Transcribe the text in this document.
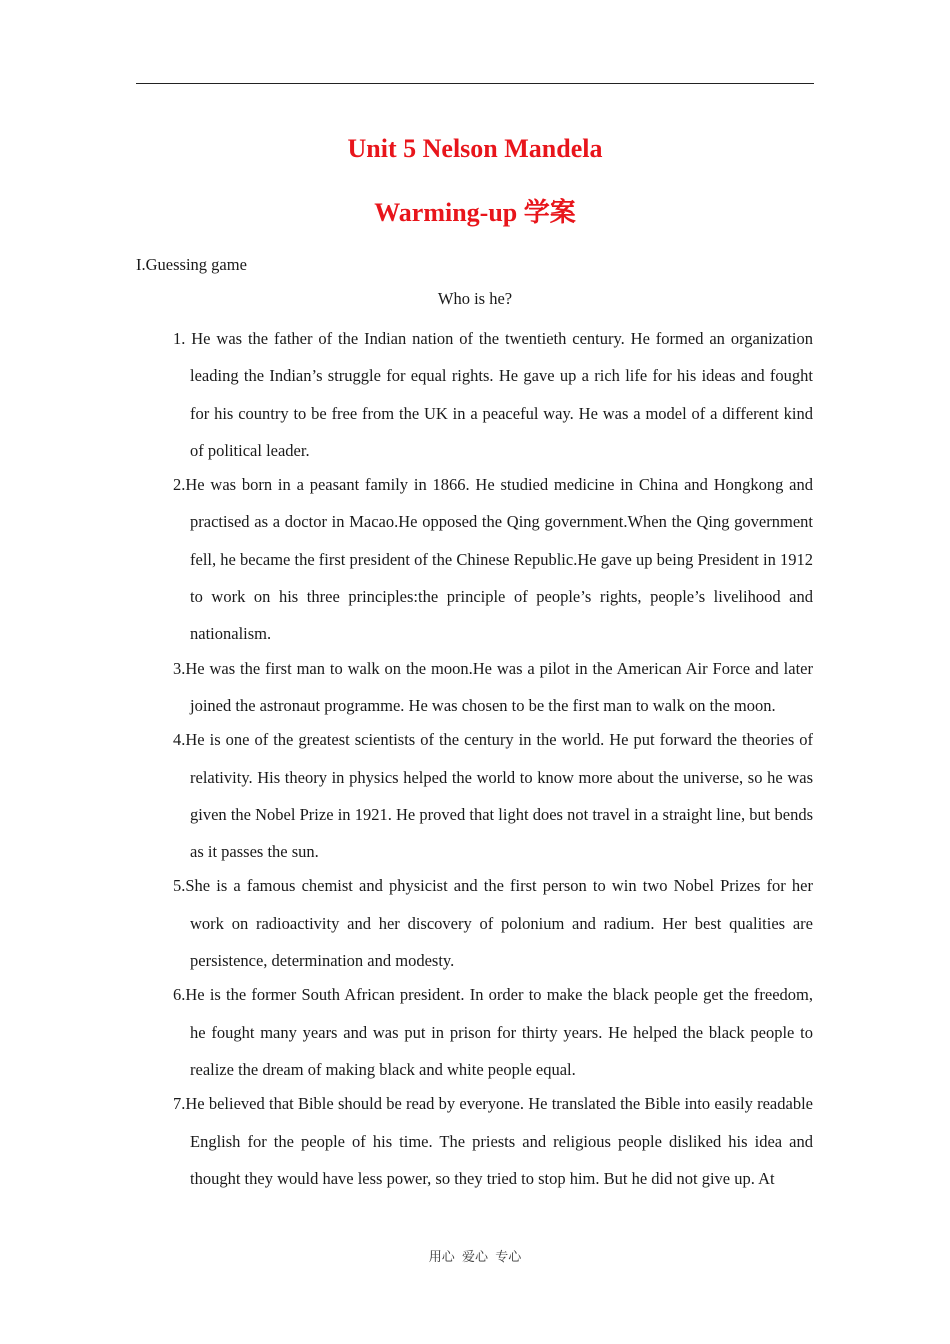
Unit 5 Nelson Mandela
Warming-up 学案
I.Guessing game
Who is he?

1. He was the father of the Indian nation of the twentieth century. He formed an organization leading the Indian’s struggle for equal rights. He gave up a rich life for his ideas and fought for his country to be free from the UK in a peaceful way. He was a model of a different kind of political leader.

2.He was born in a peasant family in 1866. He studied medicine in China and Hongkong and practised as a doctor in Macao.He opposed the Qing government.When the Qing government fell, he became the first president of the Chinese Republic.He gave up being President in 1912 to work on his three principles:the principle of people’s rights, people’s livelihood and nationalism.

3.He was the first man to walk on the moon.He was a pilot in the American Air Force and later joined the astronaut programme. He was chosen to be the first man to walk on the moon.

4.He is one of the greatest scientists of the century in the world. He put forward the theories of relativity. His theory in physics helped the world to know more about the universe, so he was given the Nobel Prize in 1921. He proved that light does not travel in a straight line, but bends as it passes the sun.

5.She is a famous chemist and physicist and the first person to win two Nobel Prizes for her work on radioactivity and her discovery of polonium and radium. Her best qualities are persistence, determination and modesty.

6.He is the former South African president. In order to make the black people get the freedom, he fought many years and was put in prison for thirty years. He helped the black people to realize the dream of making black and white people equal.

7.He believed that Bible should be read by everyone. He translated the Bible into easily readable English for the people of his time. The priests and religious people disliked his idea and thought they would have less power, so they tried to stop him. But he did not give up. At

用心 爱心 专心
